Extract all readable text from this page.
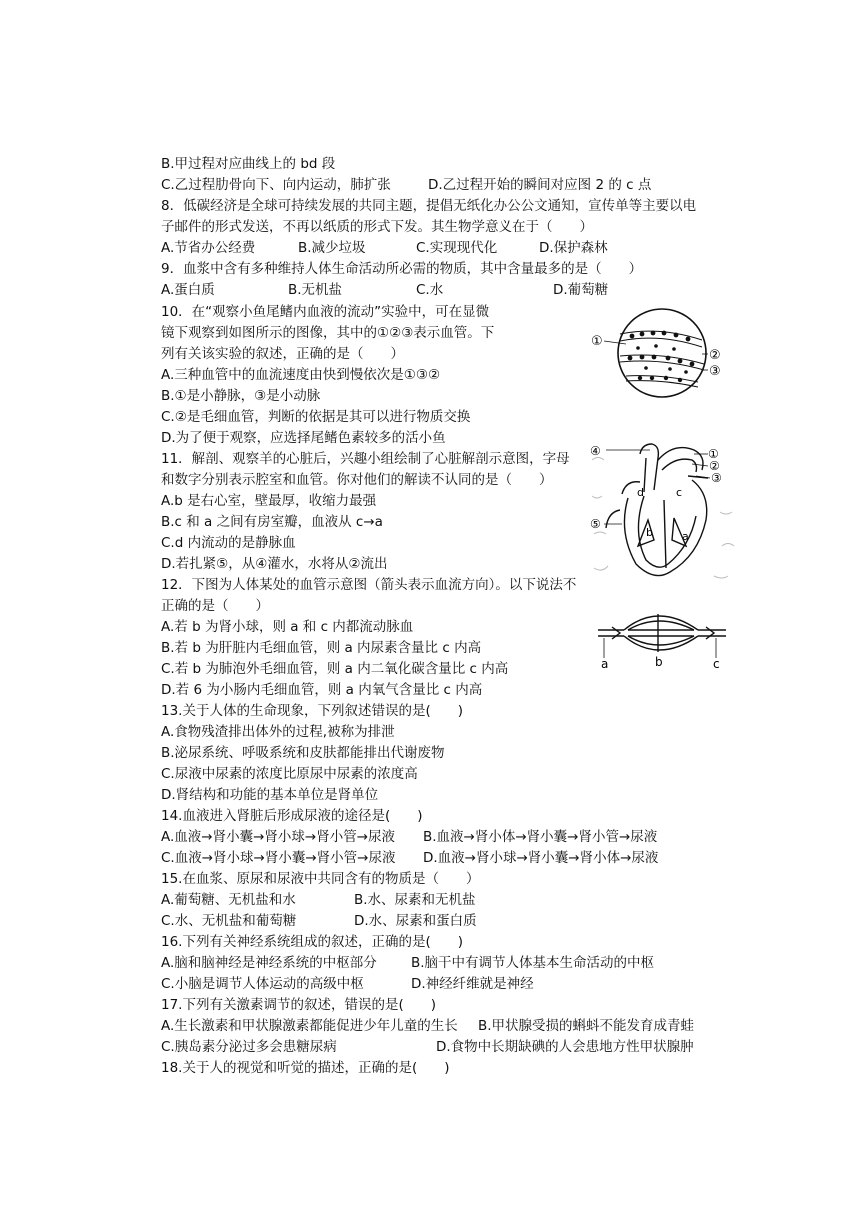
B.甲过程对应曲线上的 bd 段
C.乙过程肋骨向下、向内运动，肺扩张	D.乙过程开始的瞬间对应图 2 的 c 点
8．低碳经济是全球可持续发展的共同主题，提倡无纸化办公公文通知，宣传单等主要以电
子邮件的形式发送，不再以纸质的形式下发。其生物学意义在于（　　）
A.节省办公经费	B.减少垃圾	C.实现现代化	D.保护森林
9．血浆中含有多种维持人体生命活动所必需的物质，其中含量最多的是（　　）
A.蛋白质	B.无机盐	C.水	D.葡萄糖
10．在“观察小鱼尾鳍内血液的流动”实验中，可在显微
镜下观察到如图所示的图像，其中的①②③表示血管。下
列有关该实验的叙述，正确的是（　　）
A.三种血管中的血流速度由快到慢依次是①③②
B.①是小静脉，③是小动脉
C.②是毛细血管，判断的依据是其可以进行物质交换
D.为了便于观察，应选择尾鳍色素较多的活小鱼
11．解剖、观察羊的心脏后，兴趣小组绘制了心脏解剖示意图，字母
和数字分别表示腔室和血管。你对他们的解读不认同的是（　　）
A.b 是右心室，壁最厚，收缩力最强
B.c 和 a 之间有房室瓣，血液从 c→a
C.d 内流动的是静脉血
D.若扎紧⑤，从④灌水，水将从②流出
12．下图为人体某处的血管示意图（箭头表示血流方向）。以下说法不
正确的是（　　）
A.若 b 为肾小球，则 a 和 c 内都流动脉血
B.若 b 为肝脏内毛细血管，则 a 内尿素含量比 c 内高
C.若 b 为肺泡外毛细血管，则 a 内二氧化碳含量比 c 内高
D.若 6 为小肠内毛细血管，则 a 内氧气含量比 c 内高
13.关于人体的生命现象，下列叙述错误的是(　　)
A.食物残渣排出体外的过程,被称为排泄
B.泌尿系统、呼吸系统和皮肤都能排出代谢废物
C.尿液中尿素的浓度比原尿中尿素的浓度高
D.肾结构和功能的基本单位是肾单位
14.血液进入肾脏后形成尿液的途径是(　　)
A.血液→肾小囊→肾小球→肾小管→尿液 B.血液→肾小体→肾小囊→肾小管→尿液
C.血液→肾小球→肾小囊→肾小管→尿液 D.血液→肾小球→肾小囊→肾小体→尿液
15.在血浆、原尿和尿液中共同含有的物质是（　　）
A.葡萄糖、无机盐和水	B.水、尿素和无机盐
C.水、无机盐和葡萄糖	D.水、尿素和蛋白质
16.下列有关神经系统组成的叙述，正确的是(　　)
A.脑和脑神经是神经系统的中枢部分	B.脑干中有调节人体基本生命活动的中枢
C.小脑是调节人体运动的高级中枢	D.神经纤维就是神经
17.下列有关激素调节的叙述，错误的是(　　)
A.生长激素和甲状腺激素都能促进少年儿童的生长 B.甲状腺受损的蝌蚪不能发育成青蛙
C.胰岛素分泌过多会患糖尿病	D.食物中长期缺碘的人会患地方性甲状腺肿
18.关于人的视觉和听觉的描述，正确的是(　　)
①
②
③
④	①
②
③
⑤
d	c
a
b
a	b	c
